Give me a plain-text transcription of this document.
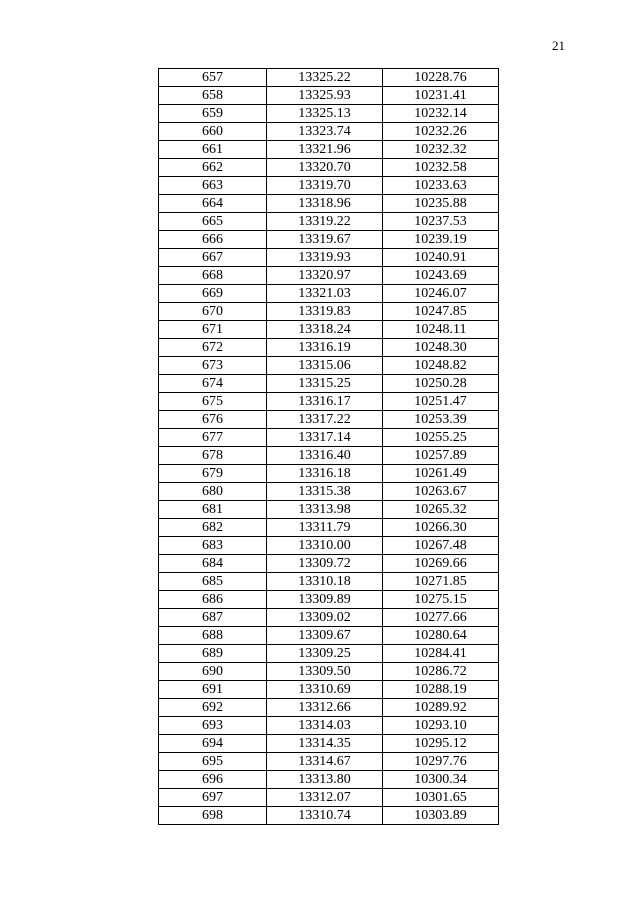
21
657	13325.22	10228.76
658	13325.93	10231.41
659	13325.13	10232.14
660	13323.74	10232.26
661	13321.96	10232.32
662	13320.70	10232.58
663	13319.70	10233.63
664	13318.96	10235.88
665	13319.22	10237.53
666	13319.67	10239.19
667	13319.93	10240.91
668	13320.97	10243.69
669	13321.03	10246.07
670	13319.83	10247.85
671	13318.24	10248.11
672	13316.19	10248.30
673	13315.06	10248.82
674	13315.25	10250.28
675	13316.17	10251.47
676	13317.22	10253.39
677	13317.14	10255.25
678	13316.40	10257.89
679	13316.18	10261.49
680	13315.38	10263.67
681	13313.98	10265.32
682	13311.79	10266.30
683	13310.00	10267.48
684	13309.72	10269.66
685	13310.18	10271.85
686	13309.89	10275.15
687	13309.02	10277.66
688	13309.67	10280.64
689	13309.25	10284.41
690	13309.50	10286.72
691	13310.69	10288.19
692	13312.66	10289.92
693	13314.03	10293.10
694	13314.35	10295.12
695	13314.67	10297.76
696	13313.80	10300.34
697	13312.07	10301.65
698	13310.74	10303.89
